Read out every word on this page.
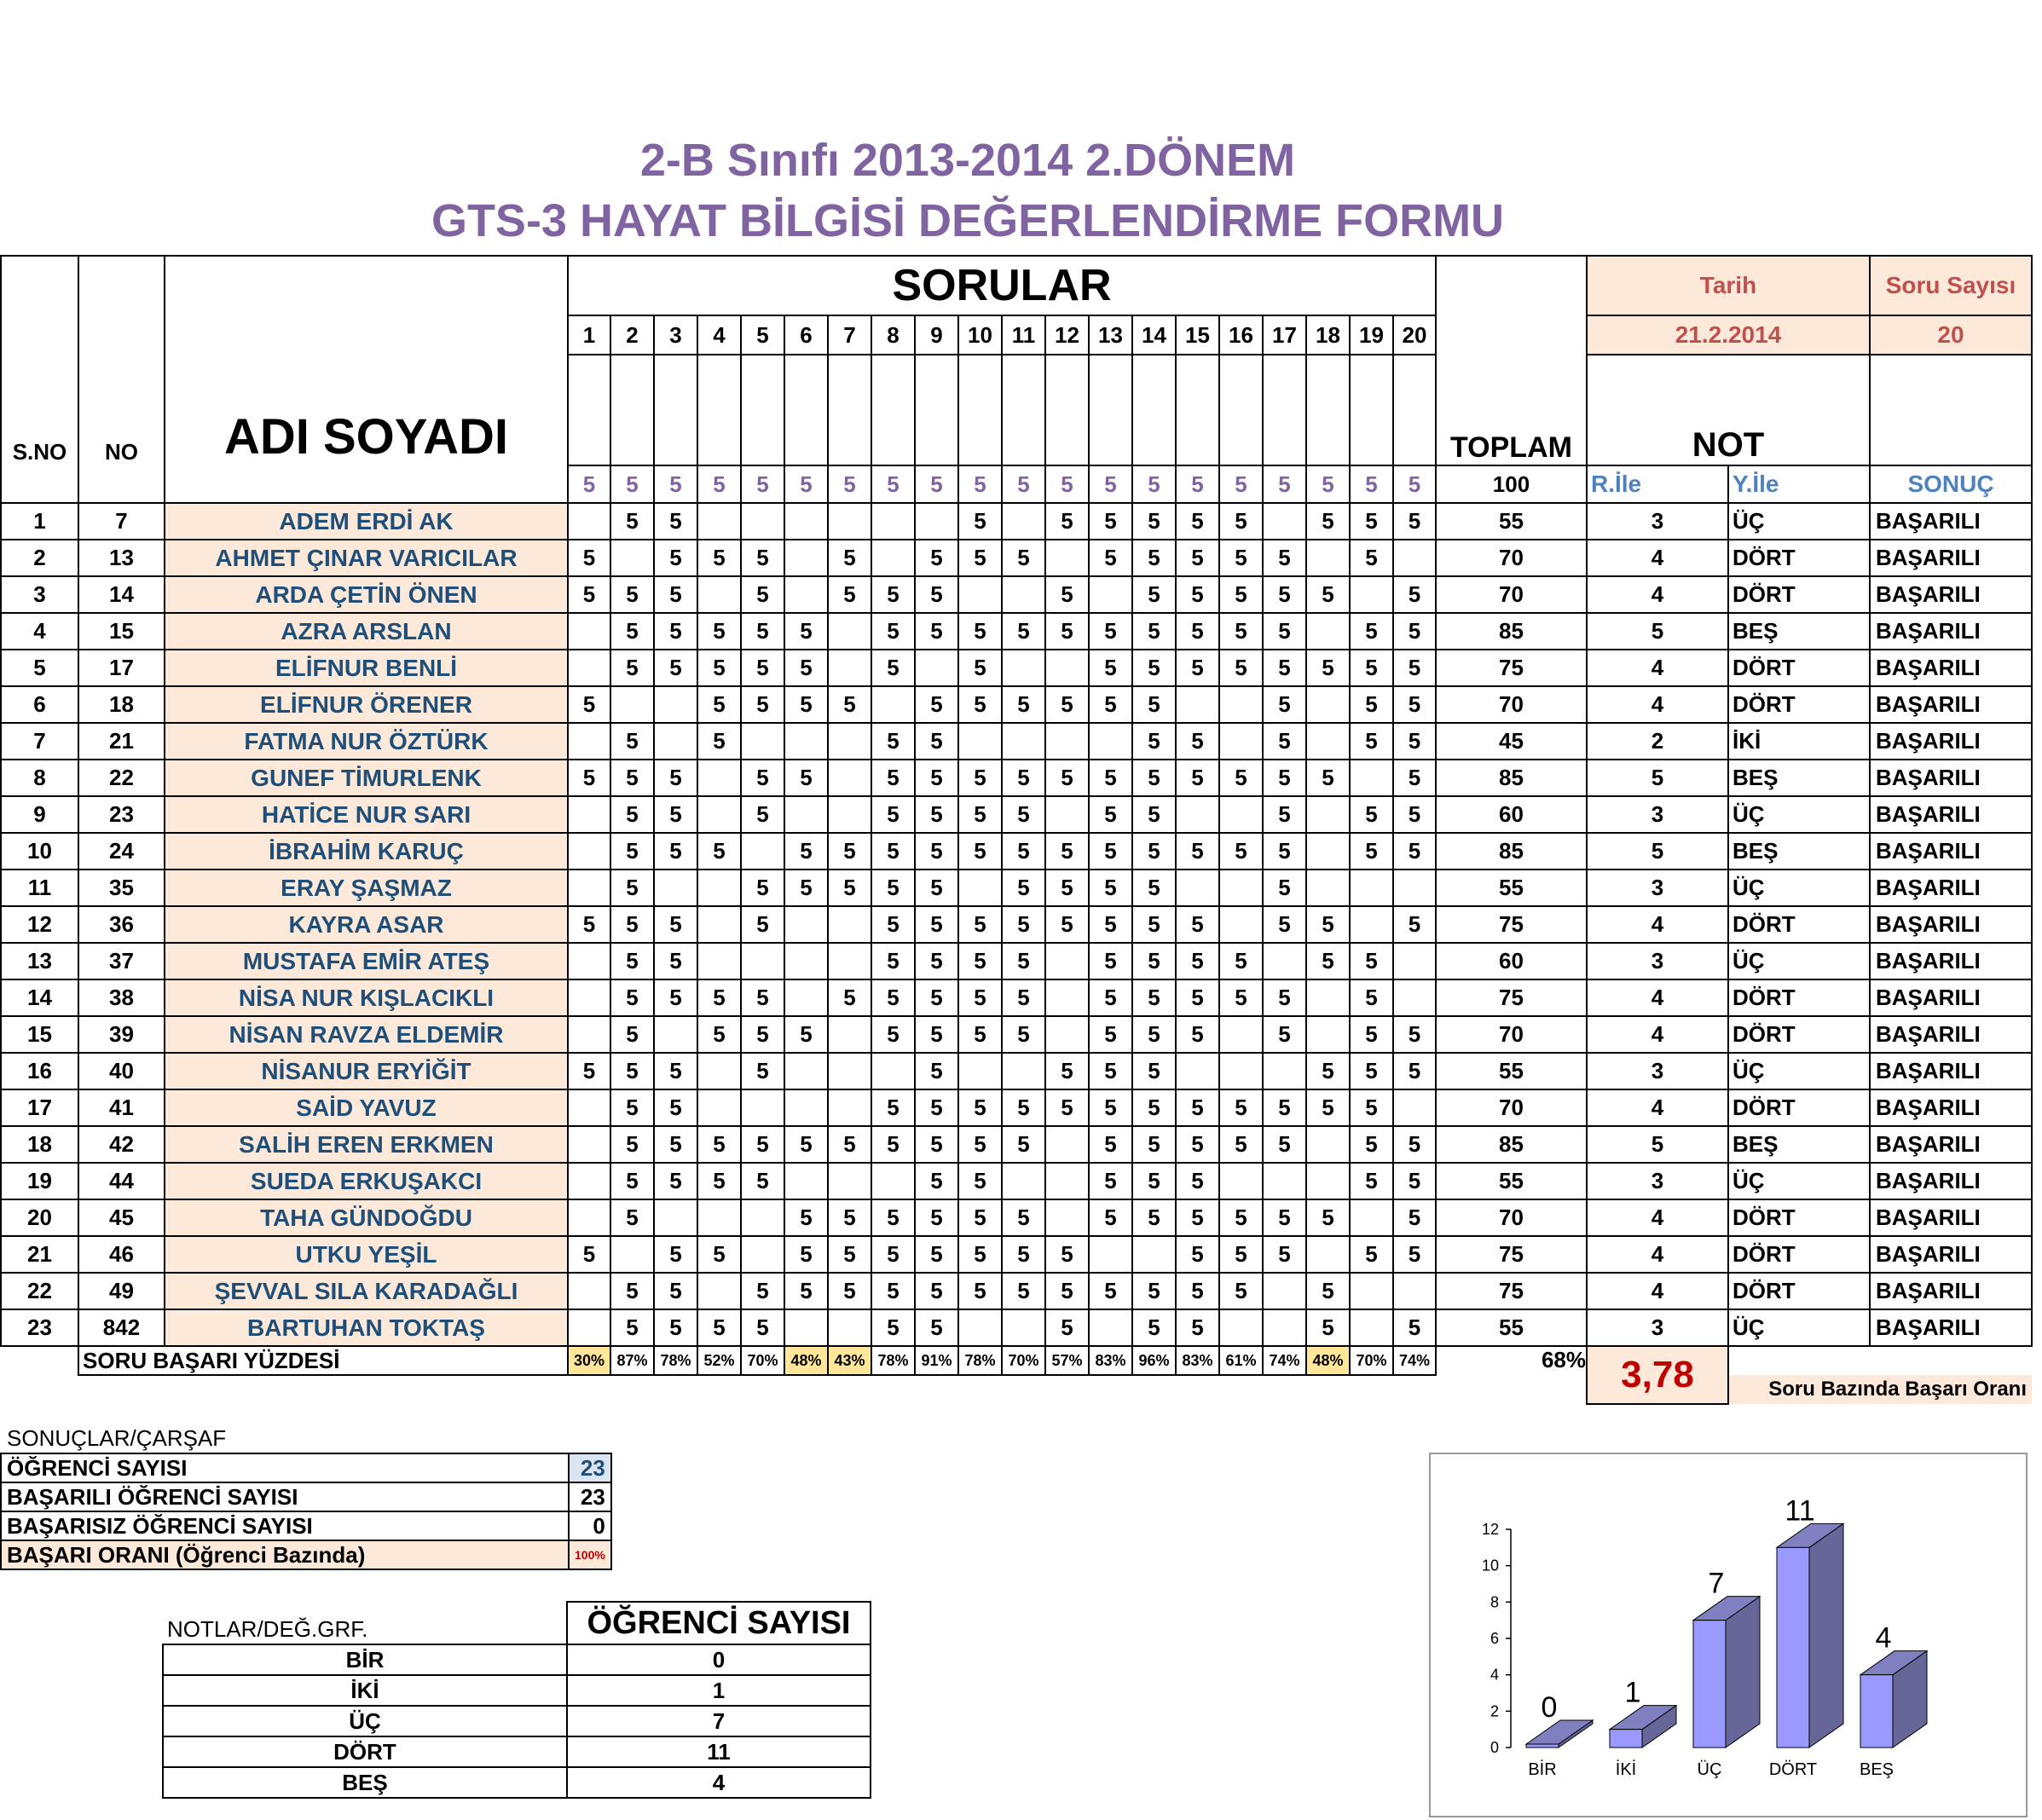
2-B Sınıfı 2013-2014 2.DÖNEM
GTS-3 HAYAT BİLGİSİ DEĞERLENDİRME FORMU
S.NO	NO	ADI SOYADI	SORULAR																				TOPLAM	Tarih		Soru Sayısı
			1	2	3	4	5	6	7	8	9	10	11	12	13	14	15	16	17	18	19	20		21.2.2014		20
																								NOT		
			5	5	5	5	5	5	5	5	5	5	5	5	5	5	5	5	5	5	5	5	100	R.İle	Y.İle	SONUÇ
1	7	ADEM ERDİ AK		5	5							5		5	5	5	5	5		5	5	5	55	3	ÜÇ	BAŞARILI
2	13	AHMET ÇINAR VARICILAR	5		5	5	5		5		5	5	5		5	5	5	5	5		5		70	4	DÖRT	BAŞARILI
3	14	ARDA ÇETİN ÖNEN	5	5	5		5		5	5	5			5		5	5	5	5	5		5	70	4	DÖRT	BAŞARILI
4	15	AZRA ARSLAN		5	5	5	5	5		5	5	5	5	5	5	5	5	5	5		5	5	85	5	BEŞ	BAŞARILI
5	17	ELİFNUR BENLİ		5	5	5	5	5		5		5			5	5	5	5	5	5	5	5	75	4	DÖRT	BAŞARILI
6	18	ELİFNUR ÖRENER	5			5	5	5	5		5	5	5	5	5	5			5		5	5	70	4	DÖRT	BAŞARILI
7	21	FATMA NUR ÖZTÜRK		5		5				5	5					5	5		5		5	5	45	2	İKİ	BAŞARILI
8	22	GUNEF TİMURLENK	5	5	5		5	5		5	5	5	5	5	5	5	5	5	5	5		5	85	5	BEŞ	BAŞARILI
9	23	HATİCE NUR SARI		5	5		5			5	5	5	5		5	5			5		5	5	60	3	ÜÇ	BAŞARILI
10	24	İBRAHİM KARUÇ		5	5	5		5	5	5	5	5	5	5	5	5	5	5	5		5	5	85	5	BEŞ	BAŞARILI
11	35	ERAY ŞAŞMAZ		5			5	5	5	5	5		5	5	5	5			5				55	3	ÜÇ	BAŞARILI
12	36	KAYRA ASAR	5	5	5		5			5	5	5	5	5	5	5	5		5	5		5	75	4	DÖRT	BAŞARILI
13	37	MUSTAFA EMİR ATEŞ		5	5					5	5	5	5		5	5	5	5		5	5		60	3	ÜÇ	BAŞARILI
14	38	NİSA NUR KIŞLACIKLI		5	5	5	5		5	5	5	5	5		5	5	5	5	5		5		75	4	DÖRT	BAŞARILI
15	39	NİSAN RAVZA ELDEMİR		5		5	5	5		5	5	5	5		5	5	5		5		5	5	70	4	DÖRT	BAŞARILI
16	40	NİSANUR ERYİĞİT	5	5	5		5				5			5	5	5				5	5	5	55	3	ÜÇ	BAŞARILI
17	41	SAİD YAVUZ		5	5					5	5	5	5	5	5	5	5	5	5	5	5		70	4	DÖRT	BAŞARILI
18	42	SALİH EREN ERKMEN		5	5	5	5	5	5	5	5	5	5		5	5	5	5	5		5	5	85	5	BEŞ	BAŞARILI
19	44	SUEDA ERKUŞAKCI		5	5	5	5				5	5			5	5	5				5	5	55	3	ÜÇ	BAŞARILI
20	45	TAHA GÜNDOĞDU		5				5	5	5	5	5	5		5	5	5	5	5	5		5	70	4	DÖRT	BAŞARILI
21	46	UTKU YEŞİL	5		5	5		5	5	5	5	5	5	5			5	5	5		5	5	75	4	DÖRT	BAŞARILI
22	49	ŞEVVAL SILA KARADAĞLI		5	5		5	5	5	5	5	5	5	5	5	5	5	5		5			75	4	DÖRT	BAŞARILI
23	842	BARTUHAN TOKTAŞ		5	5	5	5			5	5			5		5	5			5		5	55	3	ÜÇ	BAŞARILI
	SORU BAŞARI YÜZDESİ		30%	87%	78%	52%	70%	48%	43%	78%	91%	78%	70%	57%	83%	96%	83%	61%	74%	48%	70%	74%	68%	3,78		
																									Soru Bazında Başarı Oranı	
SONUÇLAR/ÇARŞAF
ÖĞRENCİ SAYISI	23
BAŞARILI ÖĞRENCİ SAYISI	23
BAŞARISIZ ÖĞRENCİ SAYISI	0
BAŞARI ORANI (Öğrenci Bazında)	100%
NOTLAR/DEĞ.GRF.
		ÖĞRENCİ SAYISI
BİR	0
İKİ	1
ÜÇ	7
DÖRT	11
BEŞ	4
0
2
4
6
8
10
12
0
BİR
1
İKİ
7
ÜÇ
11
DÖRT
4
BEŞ
